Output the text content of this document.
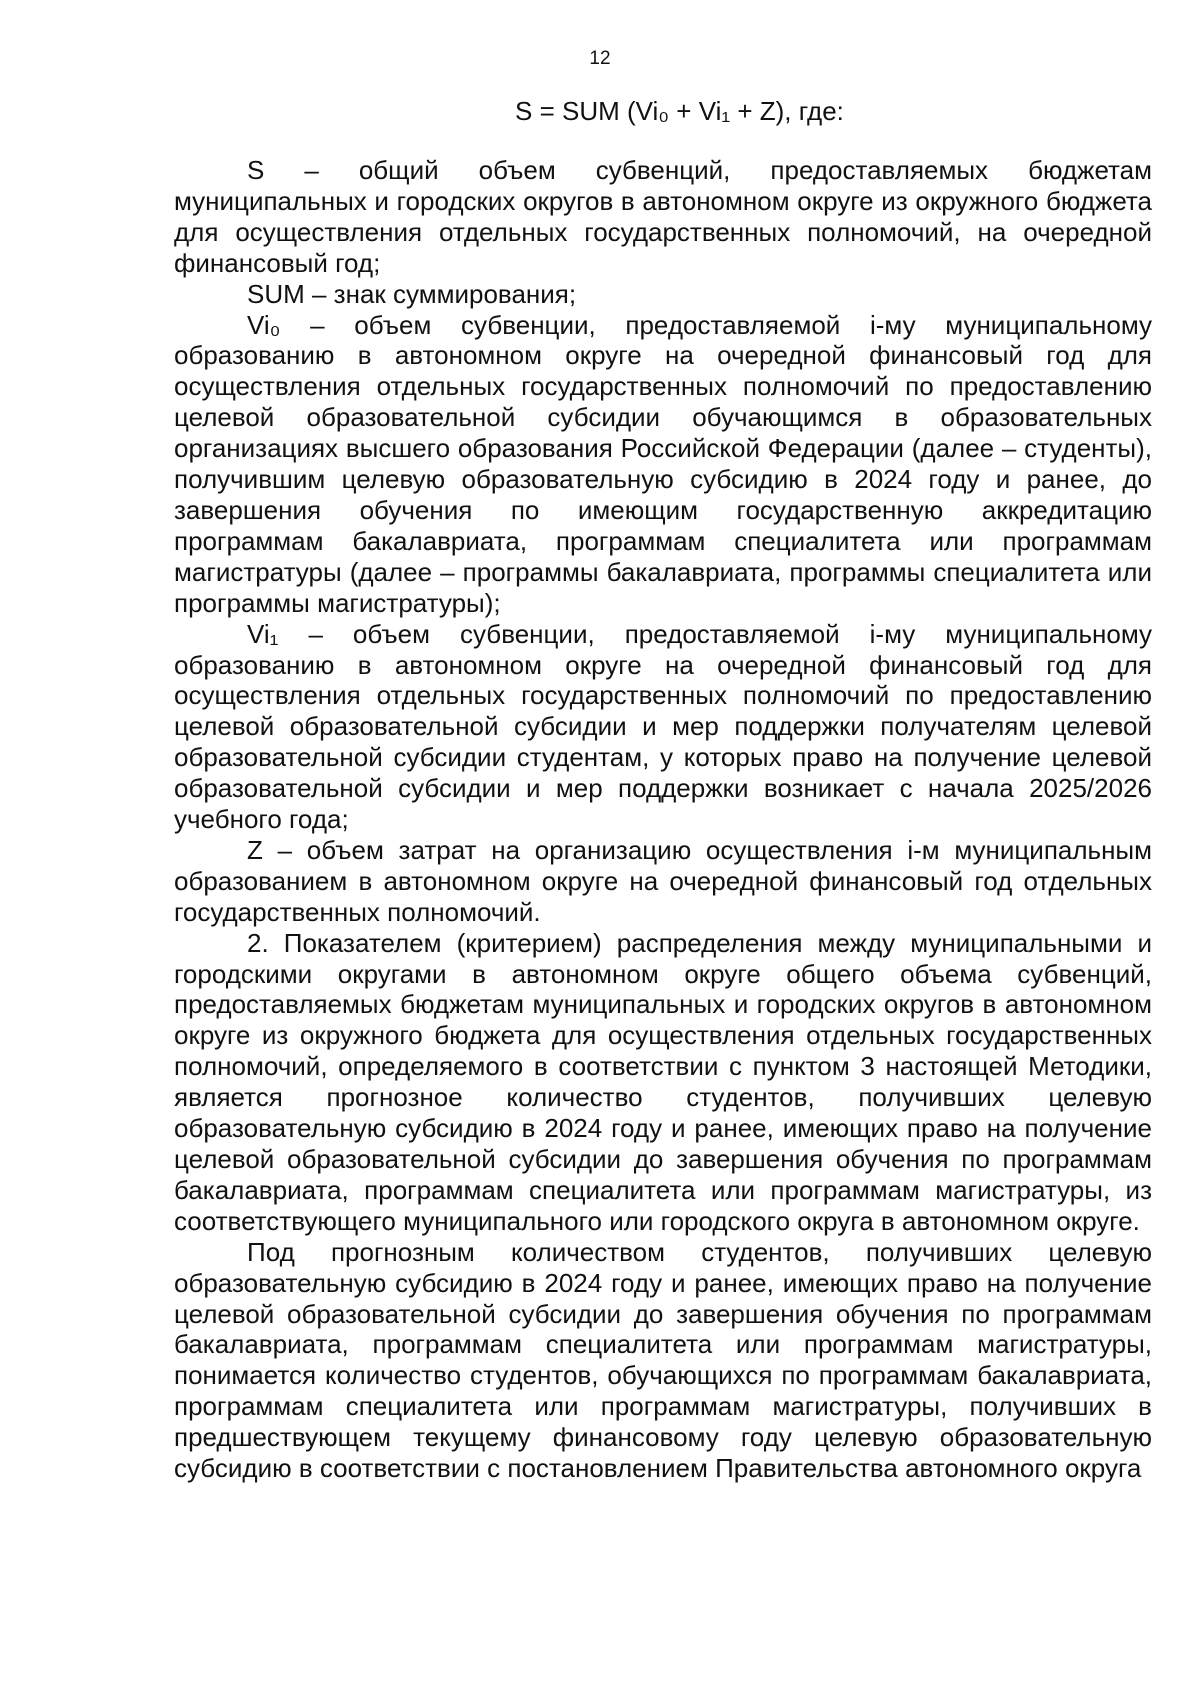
12
S = SUM (Vi₀ + Vi₁ + Z), где:

S – общий объем субвенций, предоставляемых бюджетам муниципальных и городских округов в автономном округе из окружного бюджета для осуществления отдельных государственных полномочий, на очередной финансовый год;

SUM – знак суммирования;

Vi₀ – объем субвенции, предоставляемой i-му муниципальному образованию в автономном округе на очередной финансовый год для осуществления отдельных государственных полномочий по предоставлению целевой образовательной субсидии обучающимся в образовательных организациях высшего образования Российской Федерации (далее – студенты), получившим целевую образовательную субсидию в 2024 году и ранее, до завершения обучения по имеющим государственную аккредитацию программам бакалавриата, программам специалитета или программам магистратуры (далее – программы бакалавриата, программы специалитета или программы магистратуры);

Vi₁ – объем субвенции, предоставляемой i-му муниципальному образованию в автономном округе на очередной финансовый год для осуществления отдельных государственных полномочий по предоставлению целевой образовательной субсидии и мер поддержки получателям целевой образовательной субсидии студентам, у которых право на получение целевой образовательной субсидии и мер поддержки возникает с начала 2025/2026 учебного года;

Z – объем затрат на организацию осуществления i-м муниципальным образованием в автономном округе на очередной финансовый год отдельных государственных полномочий.

2. Показателем (критерием) распределения между муниципальными и городскими округами в автономном округе общего объема субвенций, предоставляемых бюджетам муниципальных и городских округов в автономном округе из окружного бюджета для осуществления отдельных государственных полномочий, определяемого в соответствии с пунктом 3 настоящей Методики, является прогнозное количество студентов, получивших целевую образовательную субсидию в 2024 году и ранее, имеющих право на получение целевой образовательной субсидии до завершения обучения по программам бакалавриата, программам специалитета или программам магистратуры, из соответствующего муниципального или городского округа в автономном округе.

Под прогнозным количеством студентов, получивших целевую образовательную субсидию в 2024 году и ранее, имеющих право на получение целевой образовательной субсидии до завершения обучения по программам бакалавриата, программам специалитета или программам магистратуры, понимается количество студентов, обучающихся по программам бакалавриата, программам специалитета или программам магистратуры, получивших в предшествующем текущему финансовому году целевую образовательную субсидию в соответствии с постановлением Правительства автономного округа
